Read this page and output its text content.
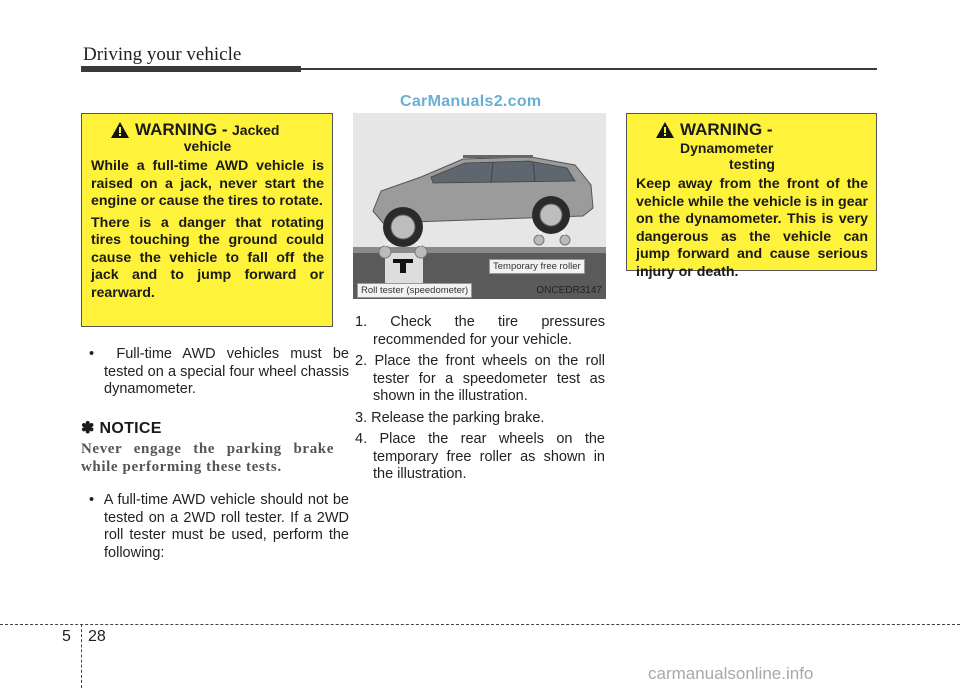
Driving your vehicle
CarManuals2.com
WARNING - Jacked
vehicle
While a full-time AWD vehicle is raised on a jack, never start the engine or cause the tires to rotate.
There is a danger that rotating tires touching the ground could cause the vehicle to fall off the jack and to jump forward or rearward.
•  Full-time AWD vehicles must be tested on a special four wheel chassis dynamometer.
✽ NOTICE
Never engage the parking brake while performing these tests.
•  A full-time AWD vehicle should not be tested on a 2WD roll tester. If a 2WD roll tester must be used, perform the following:
Temporary free roller
Roll tester (speedometer)	ONCEDR3147
1. Check the tire pressures recommended for your vehicle.
2. Place the front wheels on the roll tester for a speedometer test as shown in the illustration.
3. Release the parking brake.
4. Place the rear wheels on the temporary free roller as shown in the illustration.
WARNING - Dynamometer
testing
Keep away from the front of the vehicle while the vehicle is in gear on the dynamometer. This is very dangerous as the vehicle can jump forward and cause serious injury or death.
5 28
carmanualsonline.info
